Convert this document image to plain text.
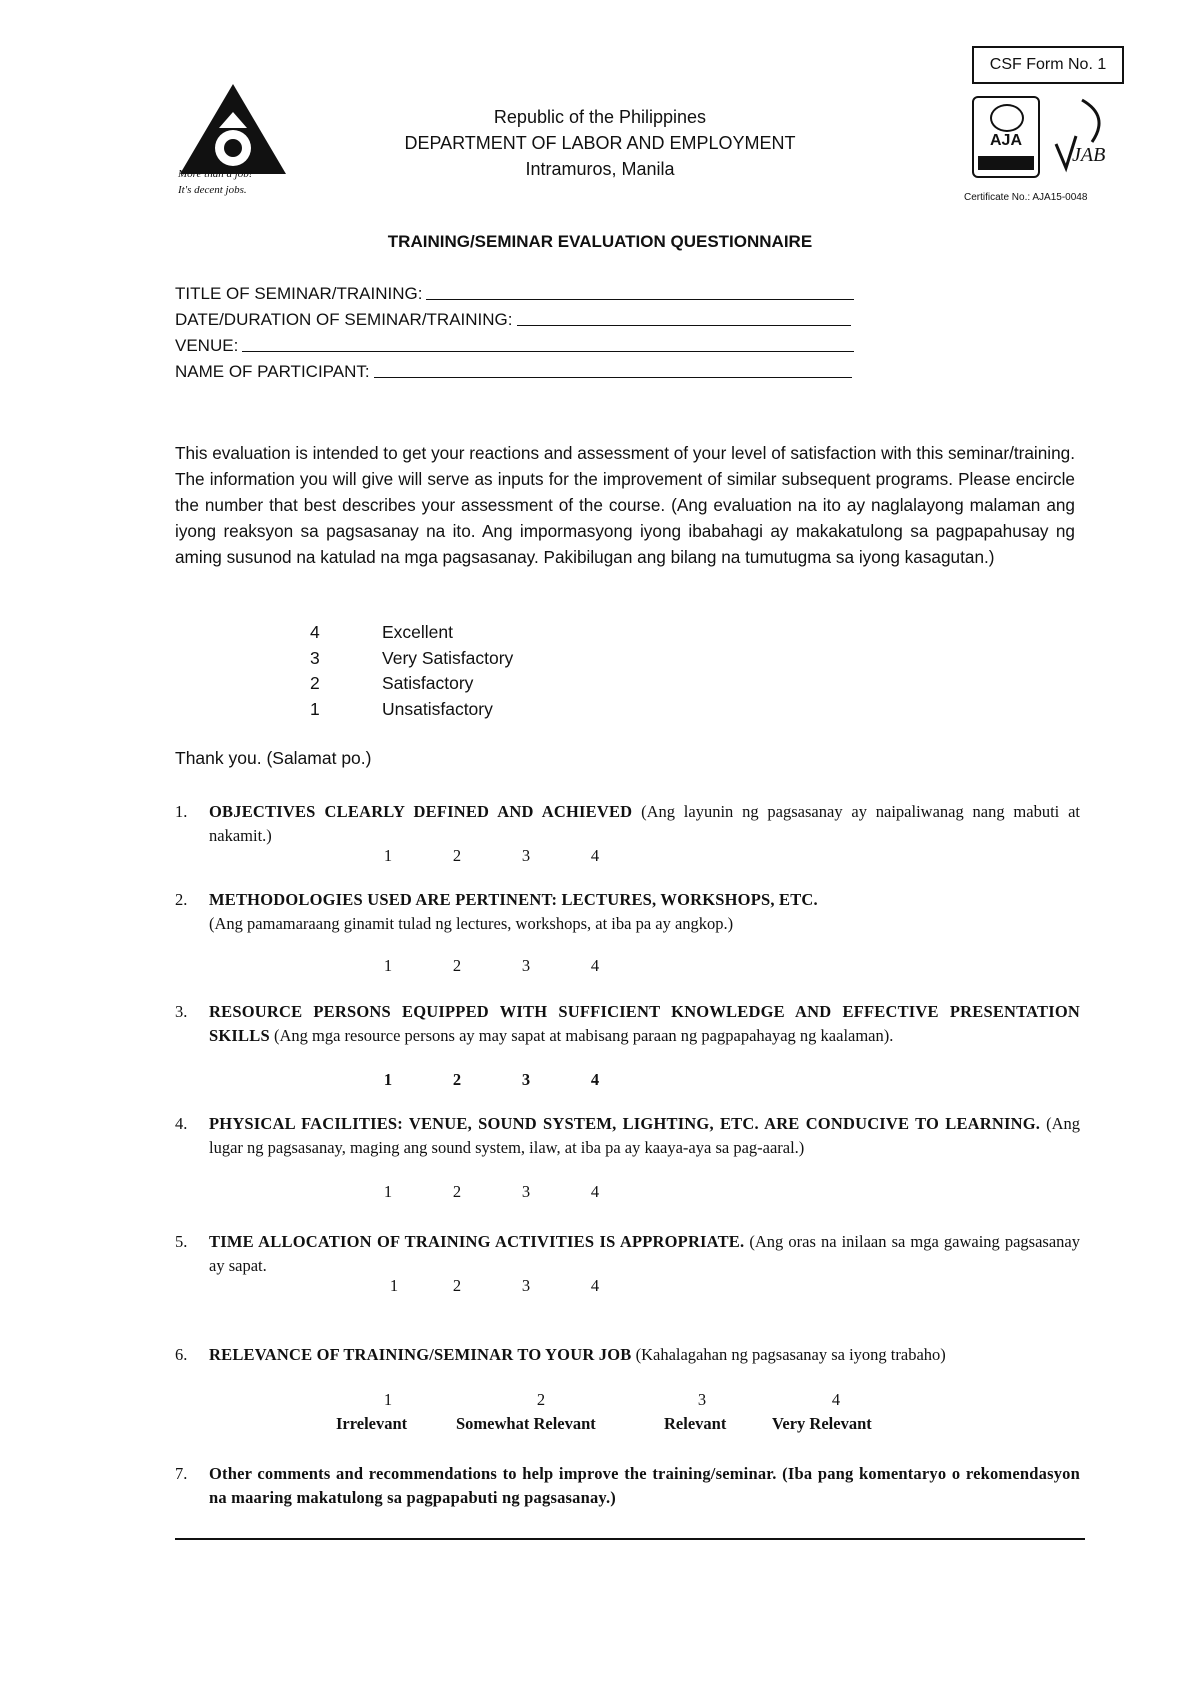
CSF Form No. 1
More than a job!
It's decent jobs.
Republic of the Philippines
DEPARTMENT OF LABOR AND EMPLOYMENT
Intramuros, Manila
AJA
JAB
Certificate No.: AJA15-0048
TRAINING/SEMINAR EVALUATION QUESTIONNAIRE
TITLE OF SEMINAR/TRAINING:
DATE/DURATION OF SEMINAR/TRAINING:
VENUE:
NAME OF PARTICIPANT:
This evaluation is intended to get your reactions and assessment of your level of satisfaction with this seminar/training. The information you will give will serve as inputs for the improvement of similar subsequent programs. Please encircle the number that best describes your assessment of the course. (Ang evaluation na ito ay naglalayong malaman ang iyong reaksyon sa pagsasanay na ito. Ang impormasyong iyong ibabahagi ay makakatulong sa pagpapahusay ng aming susunod na katulad na mga pagsasanay. Pakibilugan ang bilang na tumutugma sa iyong kasagutan.)
4	Excellent
3	Very Satisfactory
2	Satisfactory
1	Unsatisfactory
Thank you. (Salamat po.)
1.	OBJECTIVES CLEARLY DEFINED AND ACHIEVED (Ang layunin ng pagsasanay ay naipaliwanag nang mabuti at nakamit.)
1	2	3	4
2.	METHODOLOGIES USED ARE PERTINENT: LECTURES, WORKSHOPS, ETC.
(Ang pamamaraang ginamit tulad ng lectures, workshops, at iba pa ay angkop.)
1	2	3	4
3.	RESOURCE PERSONS EQUIPPED WITH SUFFICIENT KNOWLEDGE AND EFFECTIVE PRESENTATION SKILLS (Ang mga resource persons ay may sapat at mabisang paraan ng pagpapahayag ng kaalaman).
1	2	3	4
4.	PHYSICAL FACILITIES: VENUE, SOUND SYSTEM, LIGHTING, ETC. ARE CONDUCIVE TO LEARNING. (Ang lugar ng pagsasanay, maging ang sound system, ilaw, at iba pa ay kaaya-aya sa pag-aaral.)
1	2	3	4
5.	TIME ALLOCATION OF TRAINING ACTIVITIES IS APPROPRIATE. (Ang oras na inilaan sa mga gawaing pagsasanay ay sapat.
1	2	3	4
6.	RELEVANCE OF TRAINING/SEMINAR TO YOUR JOB (Kahalagahan ng pagsasanay sa iyong trabaho)
1	2	3	4
Irrelevant	Somewhat Relevant	Relevant	Very Relevant
7.	Other comments and recommendations to help improve the training/seminar. (Iba pang komentaryo o rekomendasyon na maaring makatulong sa pagpapabuti ng pagsasanay.)
